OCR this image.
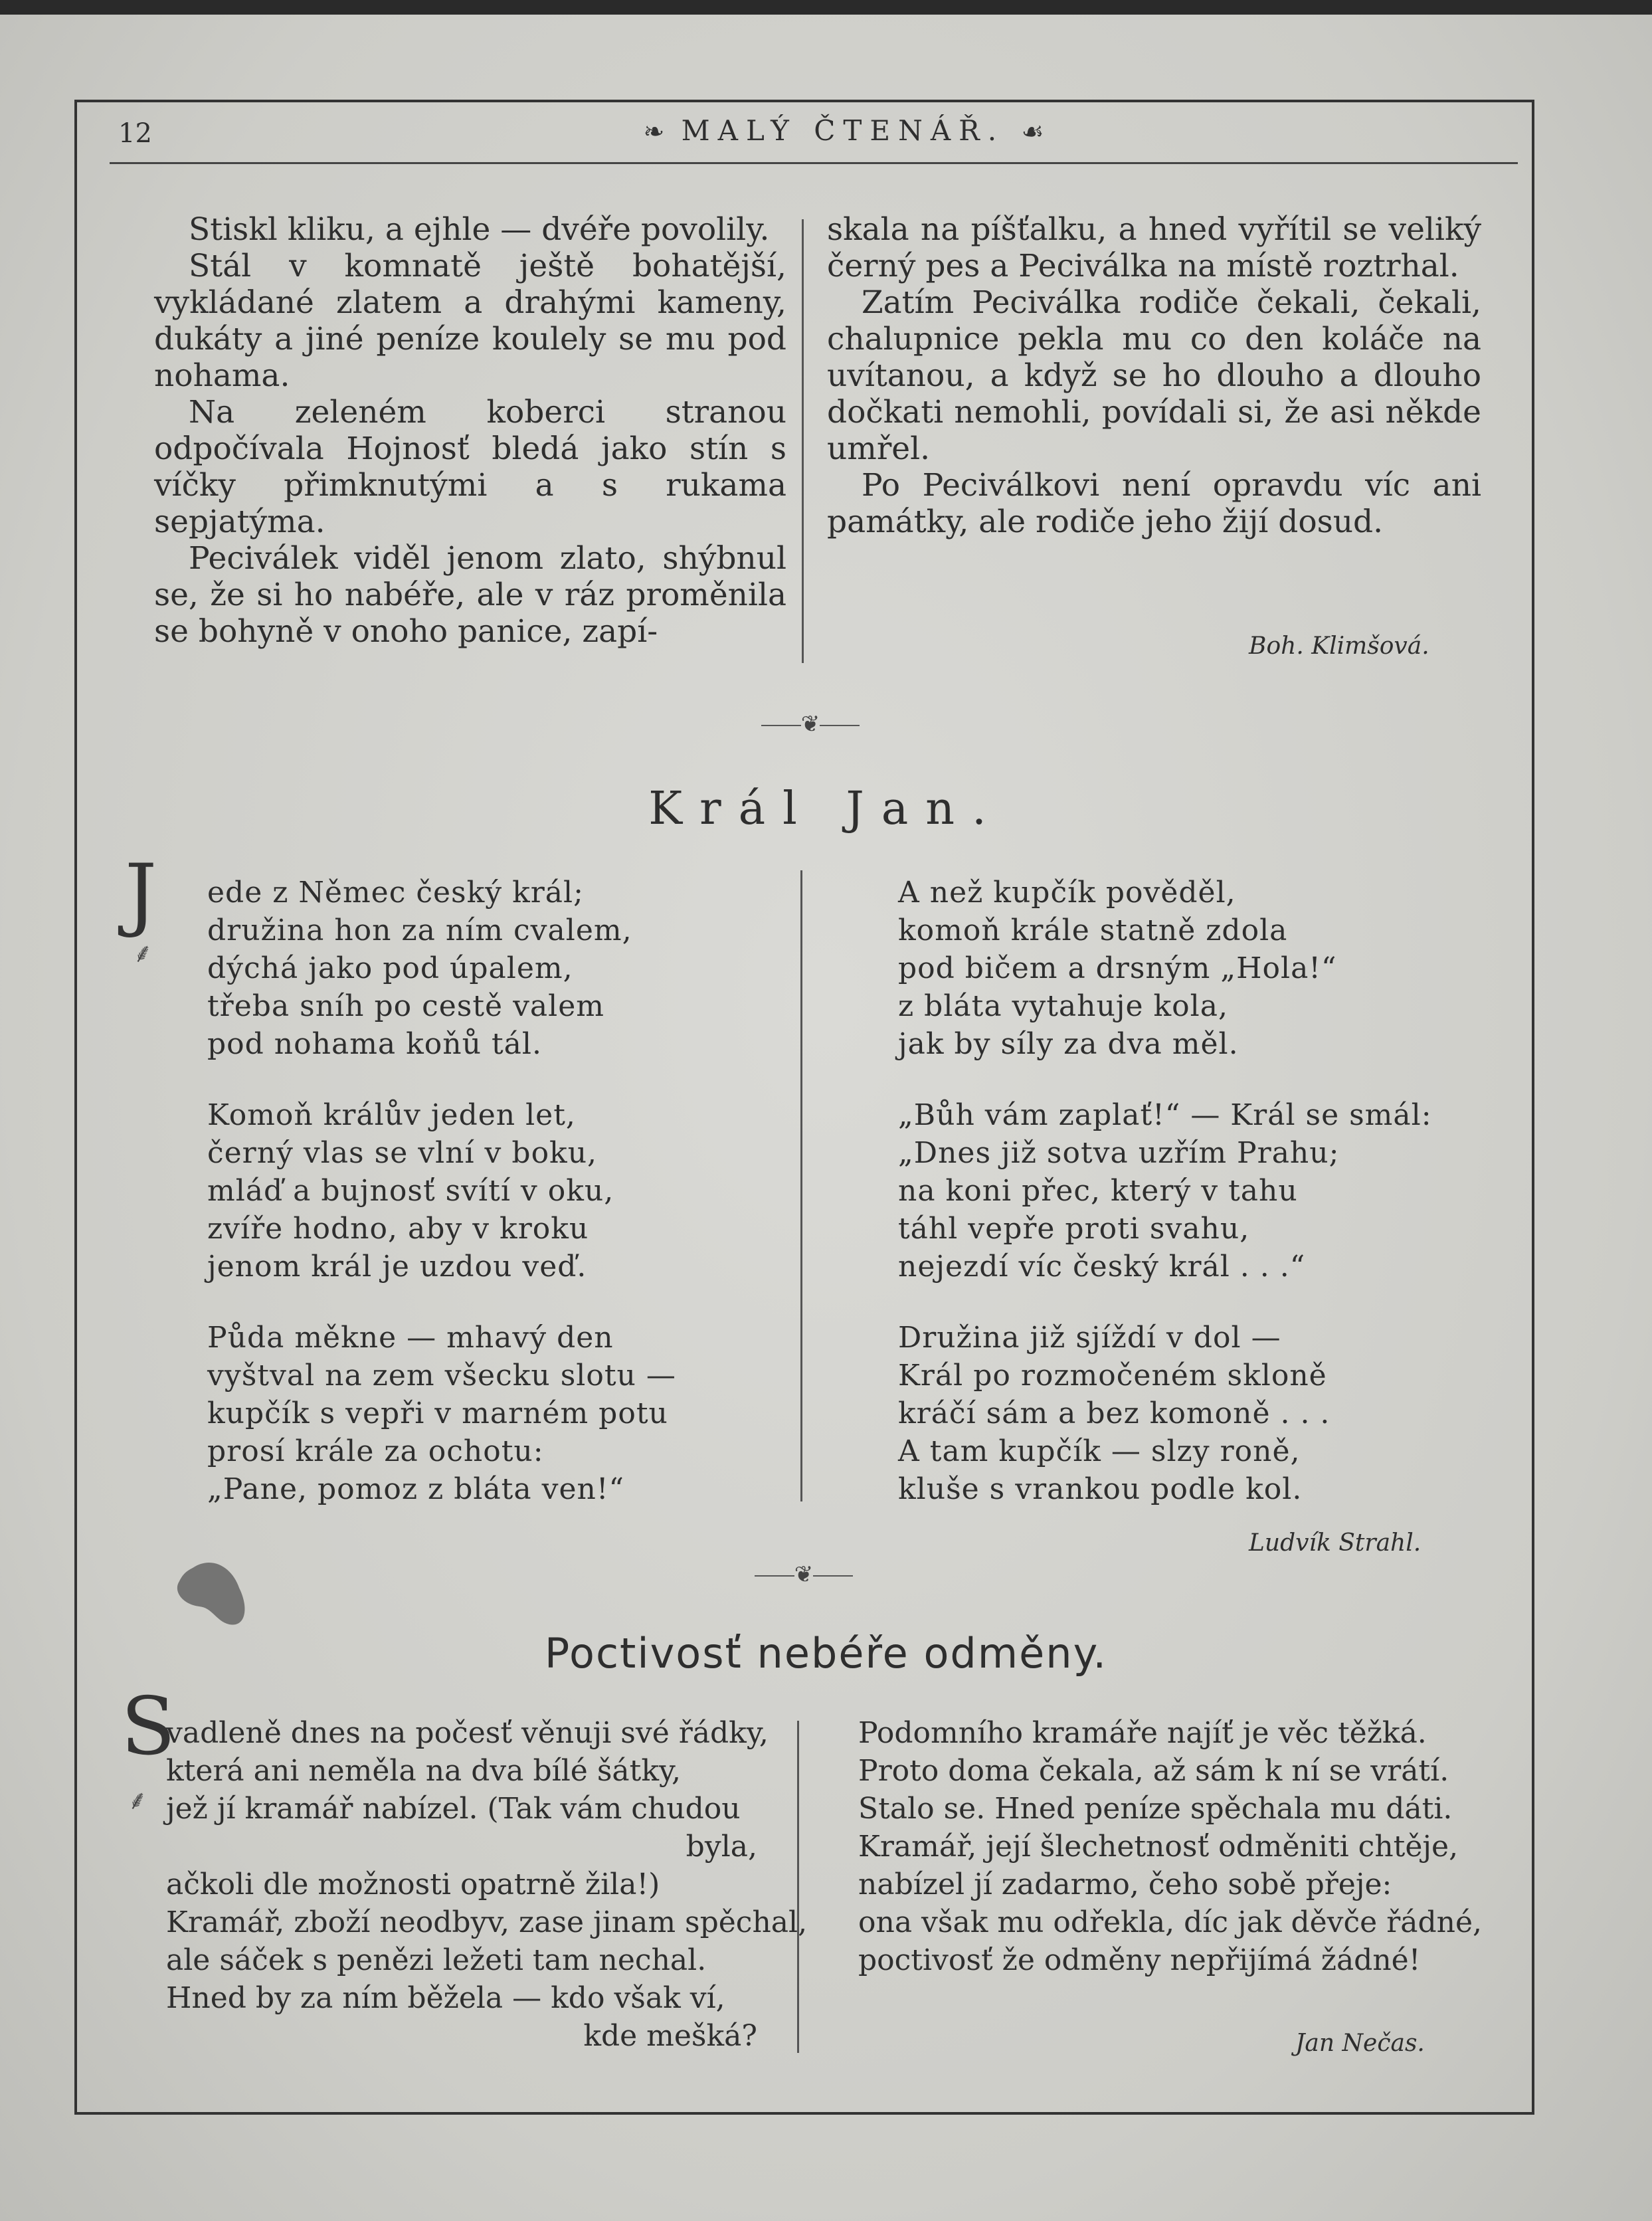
12	❧ MALÝ ČTENÁŘ. ☙

Stiskl kliku, a ejhle — dvéře povolily.

Stál v komnatě ještě bohatější, vykládané zlatem a drahými kameny, dukáty a jiné peníze koulely se mu pod nohama.

Na zeleném koberci stranou odpočívala Hojnosť bledá jako stín s víčky přimknutými a s rukama sepjatýma.

Peciválek viděl jenom zlato, shýbnul se, že si ho nabéře, ale v ráz proměnila se bohyně v onoho panice, zapí-

skala na píšťalku, a hned vyřítil se veliký černý pes a Peciválka na místě roztrhal.

Zatím Peciválka rodiče čekali, čekali, chalupnice pekla mu co den koláče na uvítanou, a když se ho dlouho a dlouho dočkati nemohli, povídali si, že asi někde umřel.

Po Peciválkovi není opravdu víc ani památky, ale rodiče jeho žijí dosud.

Boh. Klimšová.
❦
Král Jan.
J
⸙
ede z Němec český král;
družina hon za ním cvalem,
dýchá jako pod úpalem,
třeba sníh po cestě valem
pod nohama koňů tál.
Komoň králův jeden let,
černý vlas se vlní v boku,
mláď a bujnosť svítí v oku,
zvíře hodno, aby v kroku
jenom král je uzdou veď.
Půda měkne — mhavý den
vyštval na zem všecku slotu —
kupčík s vepři v marném potu
prosí krále za ochotu:
„Pane, pomoz z bláta ven!“
A než kupčík pověděl,
komoň krále statně zdola
pod bičem a drsným „Hola!“
z bláta vytahuje kola,
jak by síly za dva měl.
„Bůh vám zaplať!“ — Král se smál:
„Dnes již sotva uzřím Prahu;
na koni přec, který v tahu
táhl vepře proti svahu,
nejezdí víc český král . . .“
Družina již sjíždí v dol —
Král po rozmočeném skloně
kráčí sám a bez komoně . . .
A tam kupčík — slzy roně,
kluše s vrankou podle kol.
Ludvík Strahl.
❦
Poctivosť nebéře odměny.
S
⸙
vadleně dnes na počesť věnuji své řádky,
která ani neměla na dva bílé šátky,
jež jí kramář nabízel. (Tak vám chudou
byla,
ačkoli dle možnosti opatrně žila!)
Kramář, zboží neodbyv, zase jinam spěchal,
ale sáček s penězi ležeti tam nechal.
Hned by za ním běžela — kdo však ví,
kde mešká?
Podomního kramáře najíť je věc těžká.
Proto doma čekala, až sám k ní se vrátí.
Stalo se. Hned peníze spěchala mu dáti.
Kramář, její šlechetnosť odměniti chtěje,
nabízel jí zadarmo, čeho sobě přeje:
ona však mu odřekla, díc jak děvče řádné,
poctivosť že odměny nepřijímá žádné!
Jan Nečas.
